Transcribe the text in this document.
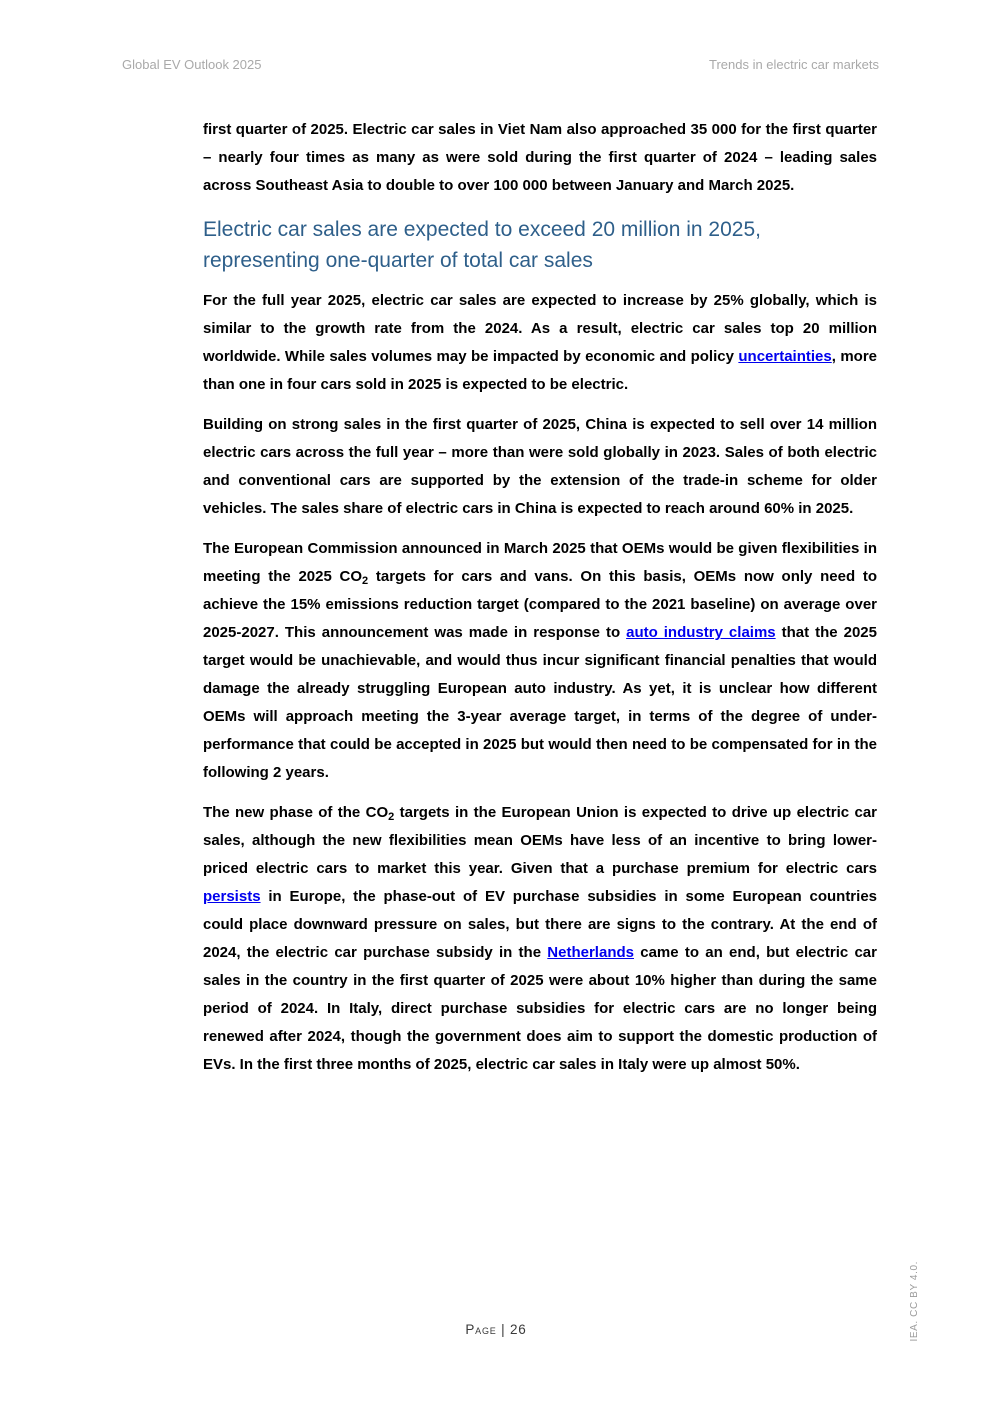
Global EV Outlook 2025	Trends in electric car markets

first quarter of 2025. Electric car sales in Viet Nam also approached 35 000 for the first quarter – nearly four times as many as were sold during the first quarter of 2024 – leading sales across Southeast Asia to double to over 100 000 between January and March 2025.

Electric car sales are expected to exceed 20 million in 2025, representing one-quarter of total car sales

For the full year 2025, electric car sales are expected to increase by 25% globally, which is similar to the growth rate from the 2024. As a result, electric car sales top 20 million worldwide. While sales volumes may be impacted by economic and policy uncertainties, more than one in four cars sold in 2025 is expected to be electric.

Building on strong sales in the first quarter of 2025, China is expected to sell over 14 million electric cars across the full year – more than were sold globally in 2023. Sales of both electric and conventional cars are supported by the extension of the trade-in scheme for older vehicles. The sales share of electric cars in China is expected to reach around 60% in 2025.

The European Commission announced in March 2025 that OEMs would be given flexibilities in meeting the 2025 $CO_2$ targets for cars and vans. On this basis, OEMs now only need to achieve the 15% emissions reduction target (compared to the 2021 baseline) on average over 2025-2027. This announcement was made in response to auto industry claims that the 2025 target would be unachievable, and would thus incur significant financial penalties that would damage the already struggling European auto industry. As yet, it is unclear how different OEMs will approach meeting the 3-year average target, in terms of the degree of under-performance that could be accepted in 2025 but would then need to be compensated for in the following 2 years.

The new phase of the $CO_2$ targets in the European Union is expected to drive up electric car sales, although the new flexibilities mean OEMs have less of an incentive to bring lower-priced electric cars to market this year. Given that a purchase premium for electric cars persists in Europe, the phase-out of EV purchase subsidies in some European countries could place downward pressure on sales, but there are signs to the contrary. At the end of 2024, the electric car purchase subsidy in the Netherlands came to an end, but electric car sales in the country in the first quarter of 2025 were about 10% higher than during the same period of 2024. In Italy, direct purchase subsidies for electric cars are no longer being renewed after 2024, though the government does aim to support the domestic production of EVs. In the first three months of 2025, electric car sales in Italy were up almost 50%.

Page | 26	IEA. CC BY 4.0.
